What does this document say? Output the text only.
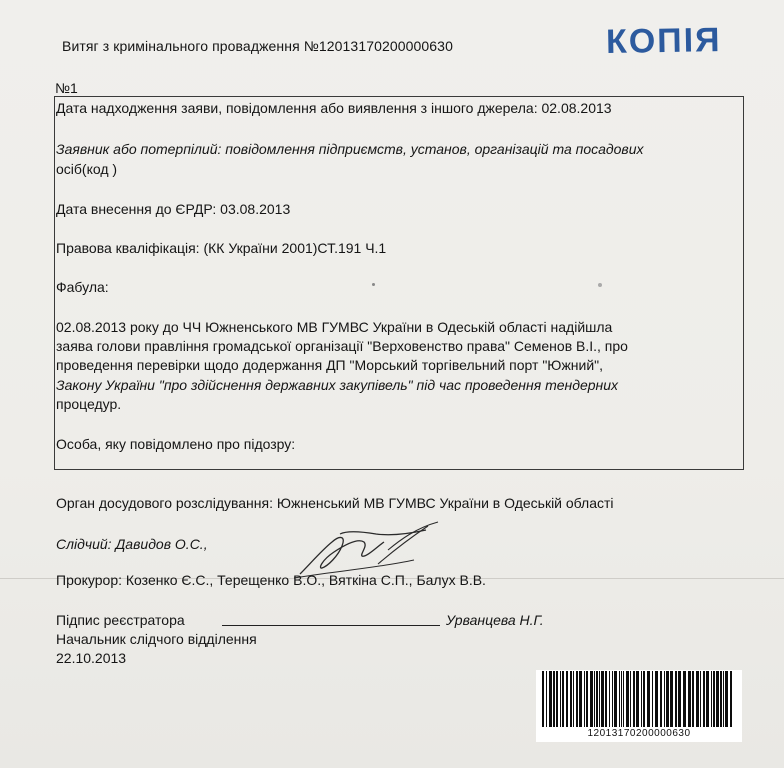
Витяг з кримінального провадження №12013170200000630	КОПІЯ
№1
Дата надходження заяви, повідомлення або виявлення з іншого джерела: 02.08.2013
Заявник або потерпілий: повідомлення підприємств, установ, організацій та посадових
осіб(код )
Дата внесення до ЄРДР: 03.08.2013
Правова кваліфікація: (КК України 2001)СТ.191 Ч.1
Фабула:
02.08.2013 року до ЧЧ Южненського МВ ГУМВС України в Одеській області надійшла
заява голови правління громадської організації "Верховенство права" Семенов В.І., про
проведення перевірки щодо додержання ДП "Морський торгівельний порт "Южний",
Закону України "про здійснення державних закупівель" під час проведення тендерних
процедур.
Особа, яку повідомлено про підозру:
Орган досудового розслідування: Южненський МВ ГУМВС України в Одеській області
Слідчий: Давидов О.С.,
Прокурор: Козенко Є.С., Терещенко В.О., Вяткіна С.П., Балух В.В.
Підпис реєстратора	Урванцева Н.Г.
Начальник слідчого відділення
22.10.2013
12013170200000630
